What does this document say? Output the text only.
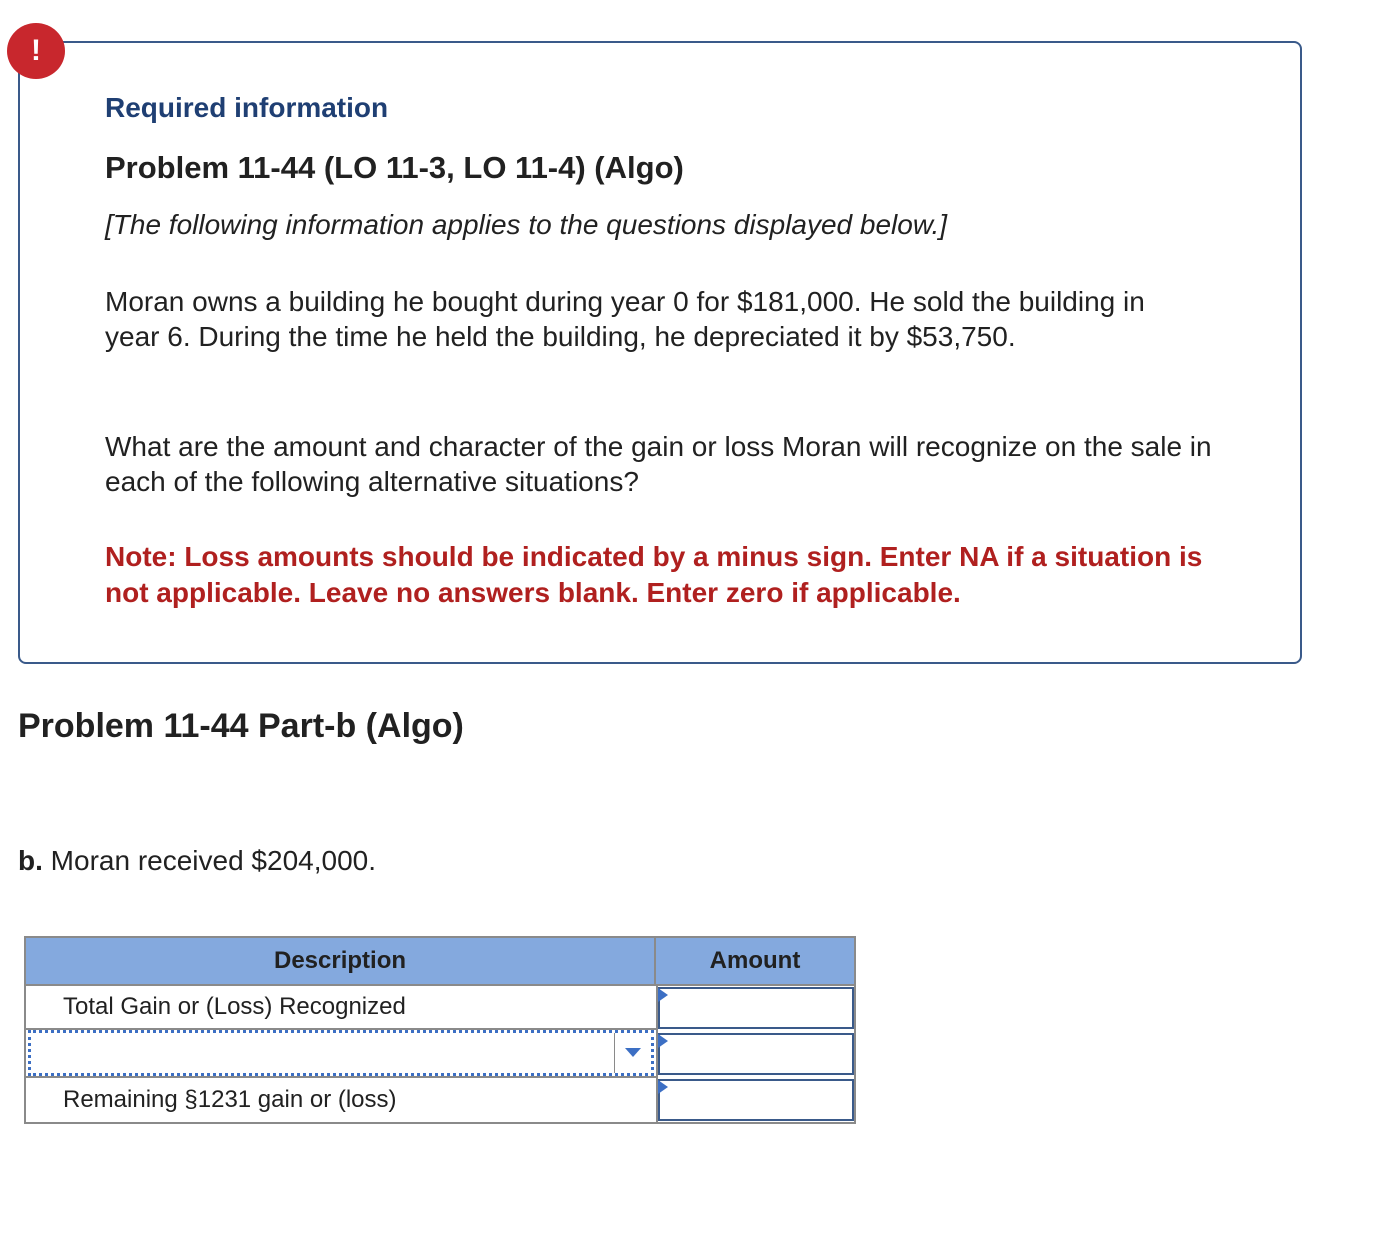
!

Required information

Problem 11-44 (LO 11-3, LO 11-4) (Algo)

[The following information applies to the questions displayed below.]

Moran owns a building he bought during year 0 for $181,000. He sold the building in year 6. During the time he held the building, he depreciated it by $53,750.

What are the amount and character of the gain or loss Moran will recognize on the sale in each of the following alternative situations?

Note: Loss amounts should be indicated by a minus sign. Enter NA if a situation is not applicable. Leave no answers blank. Enter zero if applicable.

Problem 11-44 Part-b (Algo)

b. Moran received $204,000.

Description	Amount
Total Gain or (Loss) Recognized
Remaining §1231 gain or (loss)
